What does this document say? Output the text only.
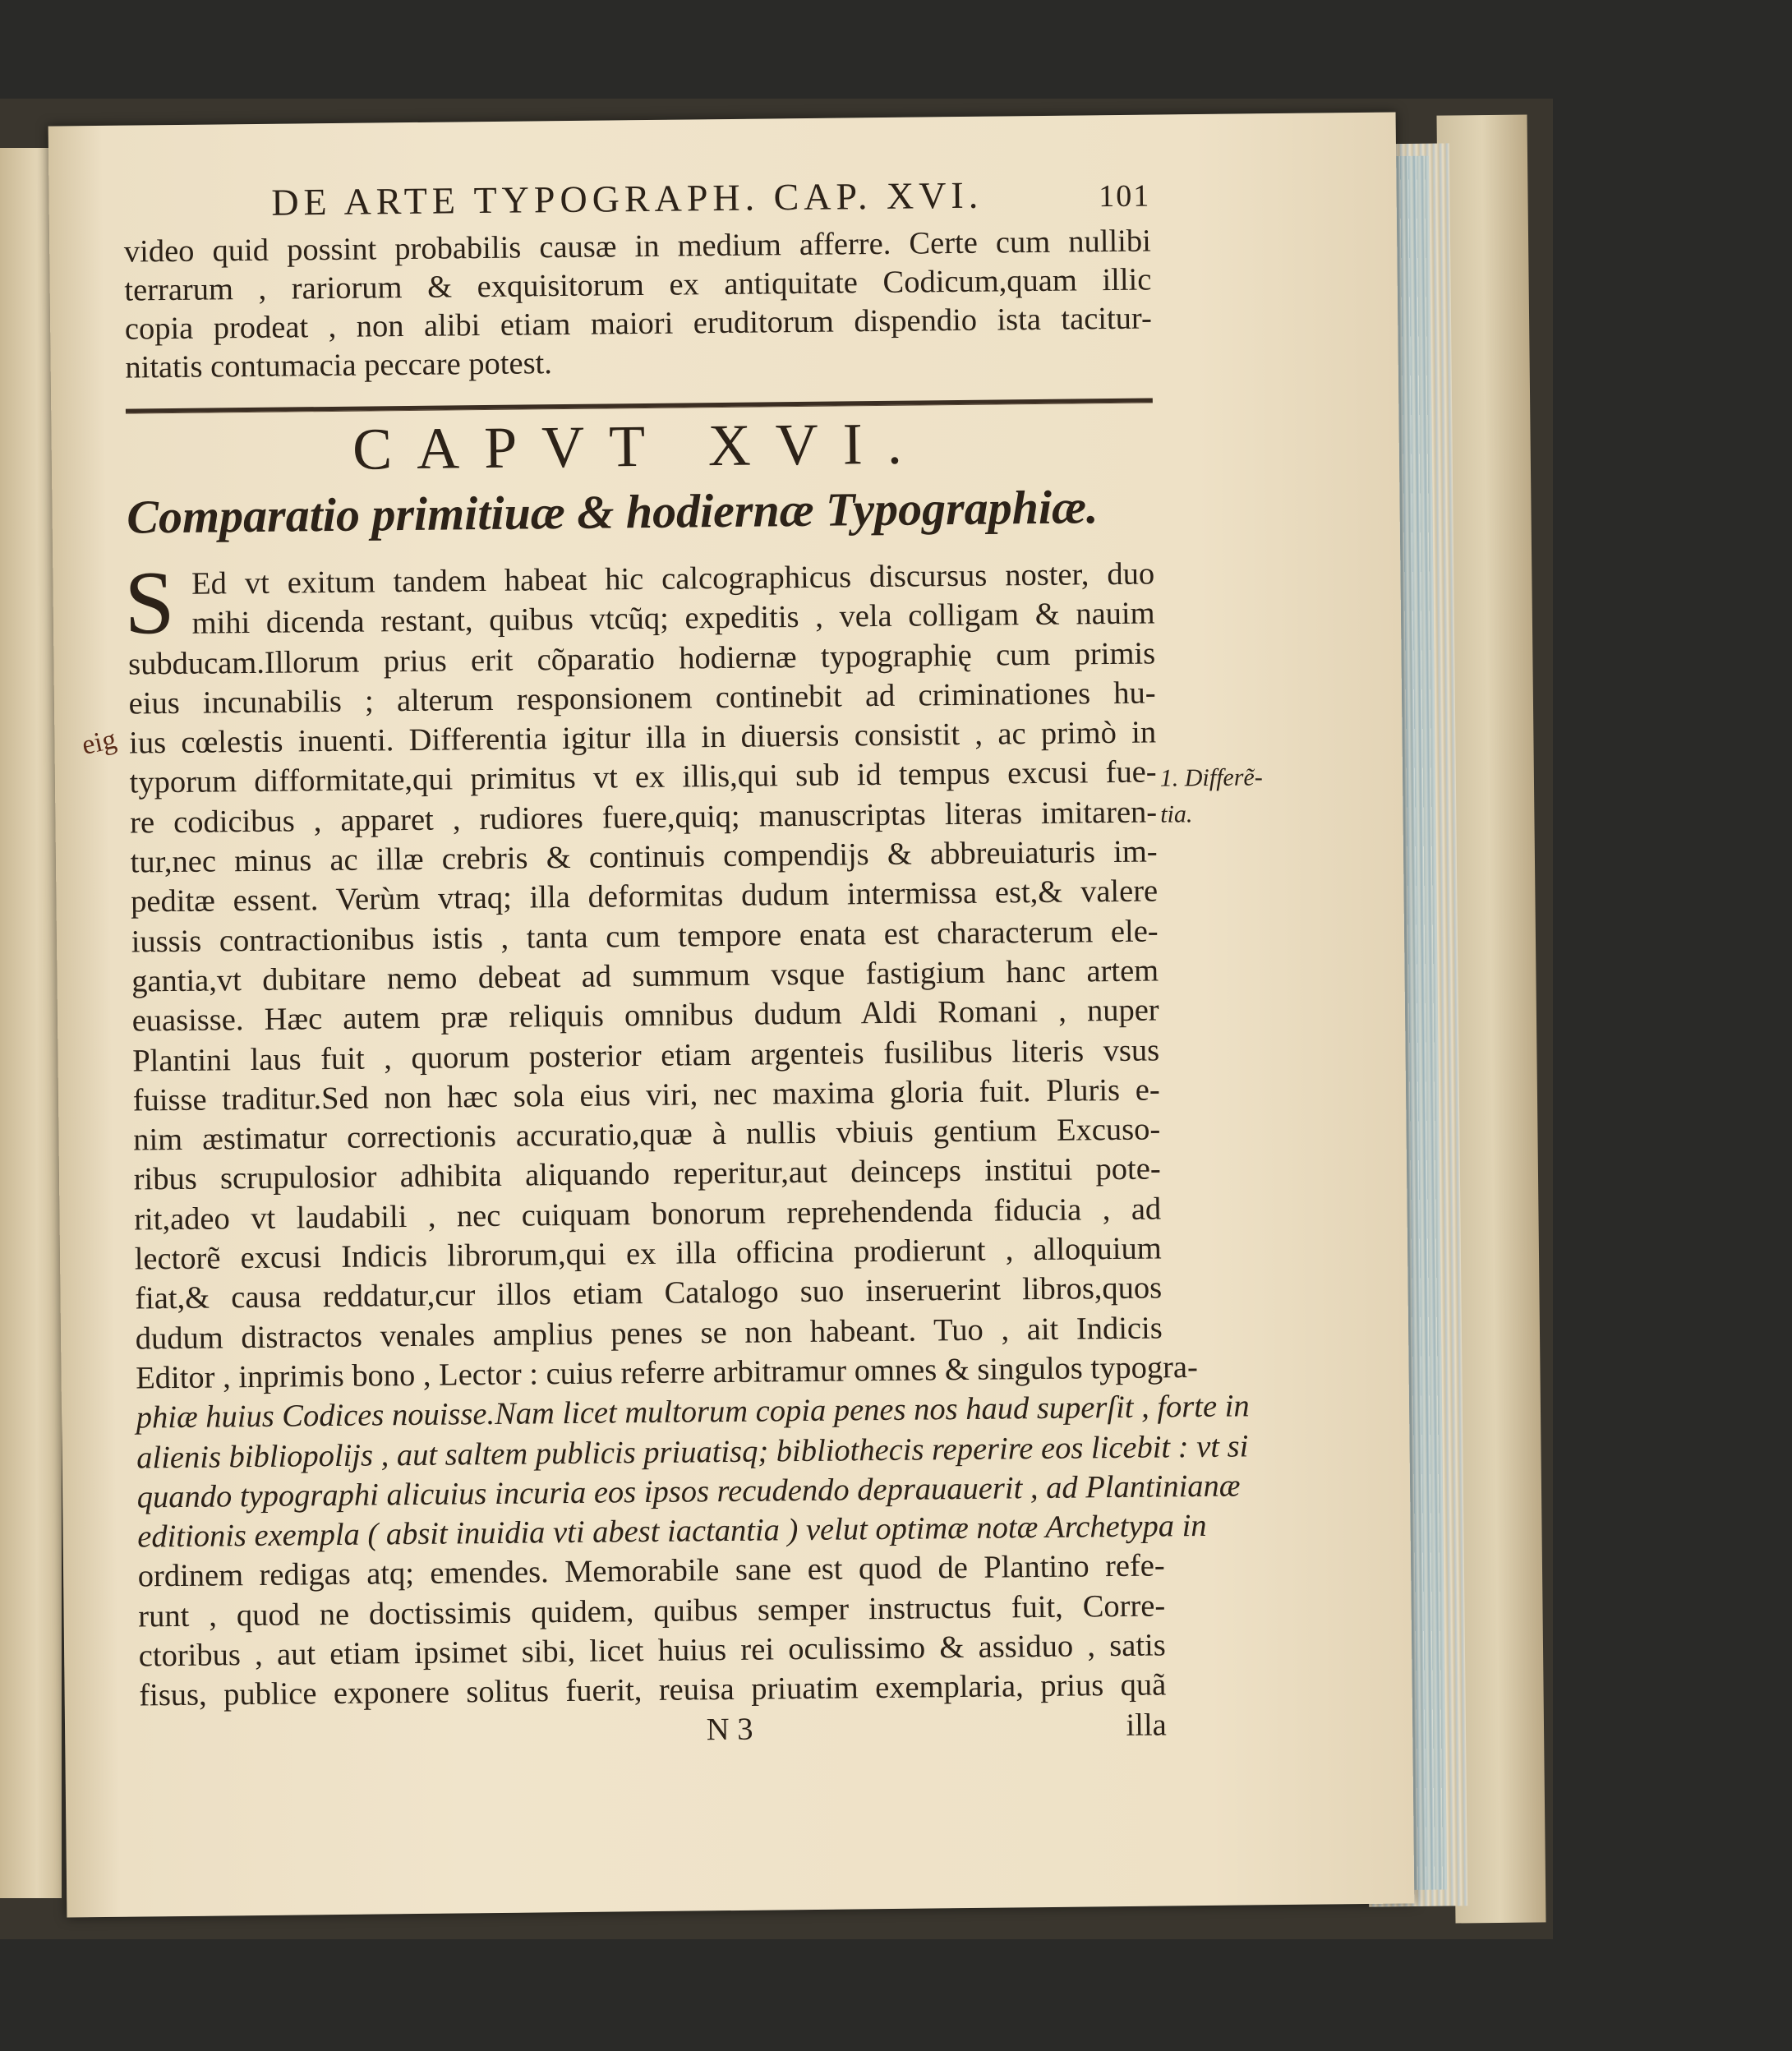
DE ARTE TYPOGRAPH. CAP. XVI.	101
video quid possint probabilis causæ in medium afferre. Certe cum nullibi
terrarum , rariorum & exquisitorum ex antiquitate Codicum,quam illic
copia prodeat , non alibi etiam maiori eruditorum dispendio ista tacitur-
nitatis contumacia peccare potest.
CAPVT XVI.
Comparatio primitiuæ & hodiernæ Typographiæ.
S Ed vt exitum tandem habeat hic calcographicus discursus noster, duo
mihi dicenda restant, quibus vtcũq; expeditis , vela colligam & nauim
subducam.Illorum prius erit cõparatio hodiernæ typographię cum primis
eius incunabilis ; alterum responsionem continebit ad criminationes hu-
ius cœlestis inuenti. Differentia igitur illa in diuersis consistit , ac primò in
typorum difformitate,qui primitus vt ex illis,qui sub id tempus excusi fue-
re codicibus , apparet , rudiores fuere,quiq; manuscriptas literas imitaren-
tur,nec minus ac illæ crebris & continuis compendijs & abbreuiaturis im-
peditæ essent. Verùm vtraq; illa deformitas dudum intermissa est,& valere
iussis contractionibus istis , tanta cum tempore enata est characterum ele-
gantia,vt dubitare nemo debeat ad summum vsque fastigium hanc artem
euasisse. Hæc autem præ reliquis omnibus dudum Aldi Romani , nuper
Plantini laus fuit , quorum posterior etiam argenteis fusilibus literis vsus
fuisse traditur.Sed non hæc sola eius viri, nec maxima gloria fuit. Pluris e-
nim æstimatur correctionis accuratio,quæ à nullis vbiuis gentium Excuso-
ribus scrupulosior adhibita aliquando reperitur,aut deinceps institui pote-
rit,adeo vt laudabili , nec cuiquam bonorum reprehendenda fiducia , ad
lectorẽ excusi Indicis librorum,qui ex illa officina prodierunt , alloquium
fiat,& causa reddatur,cur illos etiam Catalogo suo inseruerint libros,quos
dudum distractos venales amplius penes se non habeant. Tuo , ait Indicis
Editor , inprimis bono , Lector : cuius referre arbitramur omnes & singulos typogra-
phiæ huius Codices nouisse.Nam licet multorum copia penes nos haud superſit , forte in
alienis bibliopolijs , aut saltem publicis priuatisq; bibliothecis reperire eos licebit : vt si
quando typographi alicuius incuria eos ipsos recudendo deprauauerit , ad Plantinianæ
editionis exempla ( absit inuidia vti abest iactantia ) velut optimæ notæ Archetypa in
ordinem redigas atq; emendes. Memorabile sane est quod de Plantino refe-
runt , quod ne doctissimis quidem, quibus semper instructus fuit, Corre-
ctoribus , aut etiam ipsimet sibi, licet huius rei oculissimo & assiduo , satis
fisus, publice exponere solitus fuerit, reuisa priuatim exemplaria, prius quã
N 3	illa
1. Differẽ-
tia.
eig
